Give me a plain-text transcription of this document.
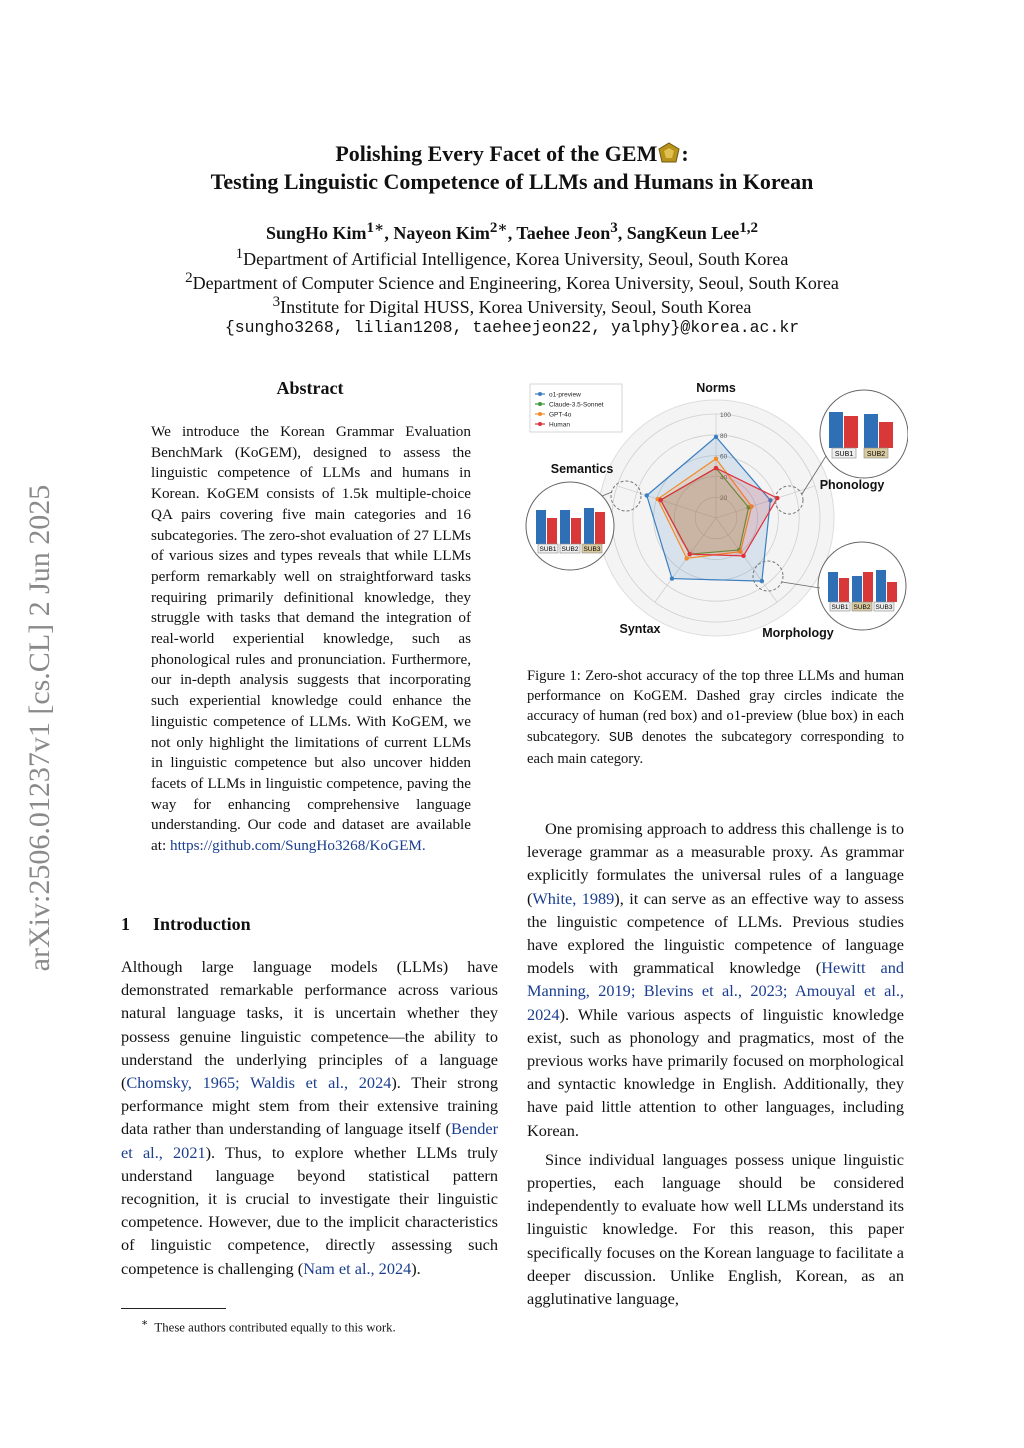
Polishing Every Facet of the GEM :
Testing Linguistic Competence of LLMs and Humans in Korean
SungHo Kim$^{1∗}$, Nayeon Kim$^{2∗}$, Taehee Jeon$^3$, SangKeun Lee$^{1,2}$
$^1$Department of Artificial Intelligence, Korea University, Seoul, South Korea
$^2$Department of Computer Science and Engineering, Korea University, Seoul, South Korea
$^3$Institute for Digital HUSS, Korea University, Seoul, South Korea
{sungho3268, lilian1208, taeheejeon22, yalphy}@korea.ac.kr
arXiv:2506.01237v1 [cs.CL] 2 Jun 2025
Abstract
We introduce the Korean Grammar Evaluation BenchMark (KoGEM), designed to assess the linguistic competence of LLMs and humans in Korean. KoGEM consists of 1.5k multiple-choice QA pairs covering five main categories and 16 subcategories. The zero-shot evaluation of 27 LLMs of various sizes and types reveals that while LLMs perform remarkably well on straightforward tasks requiring primarily definitional knowledge, they struggle with tasks that demand the integration of real-world experiential knowledge, such as phonological rules and pronunciation. Furthermore, our in-depth analysis suggests that incorporating such experiential knowledge could enhance the linguistic competence of LLMs. With KoGEM, we not only highlight the limitations of current LLMs in linguistic competence but also uncover hidden facets of LLMs in linguistic competence, paving the way for enhancing comprehensive language understanding. Our code and dataset are available at: https://github.com/SungHo3268/KoGEM.
1 Introduction

Although large language models (LLMs) have demonstrated remarkable performance across various natural language tasks, it is uncertain whether they possess genuine linguistic competence—the ability to understand the underlying principles of a language (Chomsky, 1965; Waldis et al., 2024). Their strong performance might stem from their extensive training data rather than understanding of language itself (Bender et al., 2021). Thus, to explore whether LLMs truly understand language beyond statistical pattern recognition, it is crucial to investigate their linguistic competence. However, due to the implicit characteristics of linguistic competence, directly assessing such competence is challenging (Nam et al., 2024).

∗ These authors contributed equally to this work.
20
40
60
80
100
Norms
Phonology
Morphology
Syntax
Semantics
o1-preview
Claude-3.5-Sonnet
GPT-4o
Human
SUB1 SUB2
SUB1 SUB2 SUB3
SUB1 SUB2 SUB3
Figure 1: Zero-shot accuracy of the top three LLMs and human performance on KoGEM. Dashed gray circles indicate the accuracy of human (red box) and o1-preview (blue box) in each subcategory. SUB denotes the subcategory corresponding to each main category.

One promising approach to address this challenge is to leverage grammar as a measurable proxy. As grammar explicitly formulates the universal rules of a language (White, 1989), it can serve as an effective way to assess the linguistic competence of LLMs. Previous studies have explored the linguistic competence of language models with grammatical knowledge (Hewitt and Manning, 2019; Blevins et al., 2023; Amouyal et al., 2024). While various aspects of linguistic knowledge exist, such as phonology and pragmatics, most of the previous works have primarily focused on morphological and syntactic knowledge in English. Additionally, they have paid little attention to other languages, including Korean.

Since individual languages possess unique linguistic properties, each language should be considered independently to evaluate how well LLMs understand its linguistic knowledge. For this reason, this paper specifically focuses on the Korean language to facilitate a deeper discussion. Unlike English, Korean, as an agglutinative language,
